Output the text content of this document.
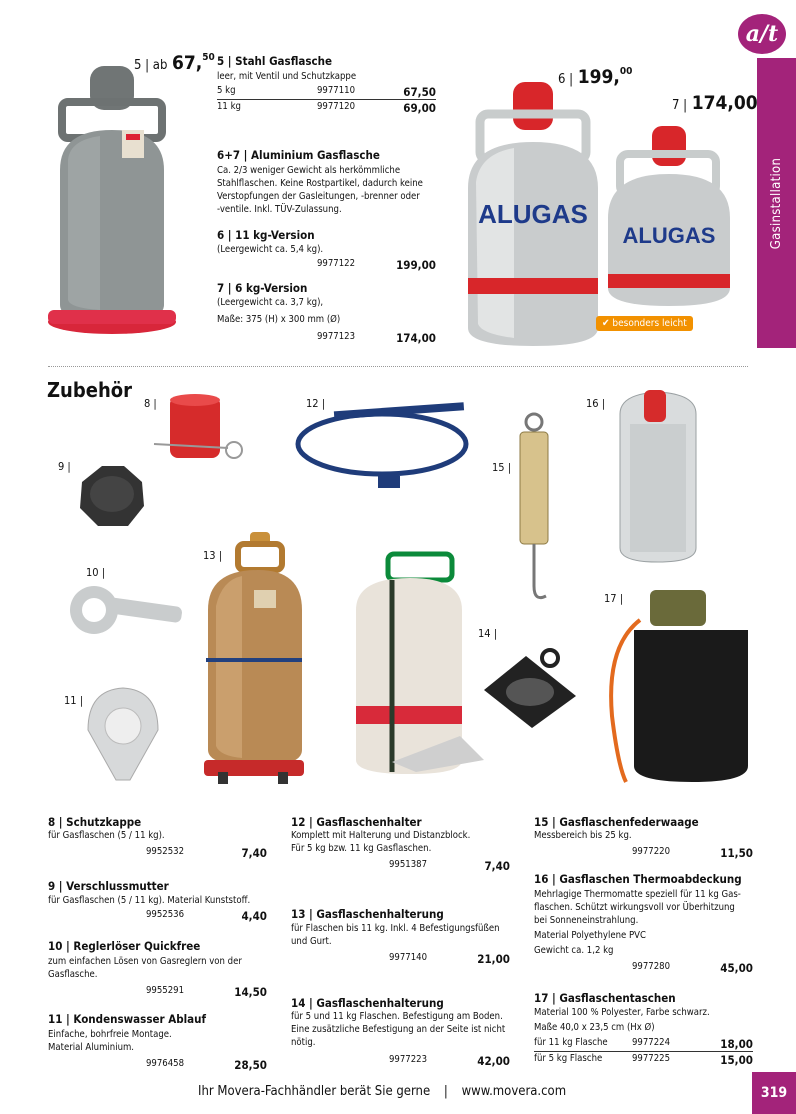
a/t
Gasinstallation
5 | ab 67,50 5 | Stahl Gasflasche
leer, mit Ventil und Schutzkappe
5 kg	9977110	67,50
11 kg	9977120	69,00
6+7 | Aluminium Gasflasche
Ca. 2/3 weniger Gewicht als herkömmliche
Stahlflaschen. Keine Rostpartikel, dadurch keine
Verstopfungen der Gasleitungen, -brenner oder
-ventile. Inkl. TÜV-Zulassung.
6 | 11 kg-Version
(Leergewicht ca. 5,4 kg).
9977122	199,00
7 | 6 kg-Version
(Leergewicht ca. 3,7 kg),
Maße: 375 (H) x 300 mm (Ø)
9977123	174,00
6 | 199,00
7 | 174,00
ALUGAS
ALUGAS
✔ besonders leicht
Zubehör
8 |
9 |
10 |
11 |
12 |
13 |
14 |
15 |
16 |
17 |
8 | Schutzkappe
für Gasflaschen (5 / 11 kg).
9952532	7,40
9 | Verschlussmutter
für Gasflaschen (5 / 11 kg). Material Kunststoff.
9952536	4,40
10 | Reglerlöser Quickfree
zum einfachen Lösen von Gasreglern von der
Gasflasche.
9955291	14,50
11 | Kondenswasser Ablauf
Einfache, bohrfreie Montage.
Material Aluminium.
9976458	28,50
12 | Gasflaschenhalter
Komplett mit Halterung und Distanzblock.
Für 5 kg bzw. 11 kg Gasflaschen.
9951387	7,40
13 | Gasflaschenhalterung
für Flaschen bis 11 kg. Inkl. 4 Befestigungsfüßen
und Gurt.
9977140	21,00
14 | Gasflaschenhalterung
für 5 und 11 kg Flaschen. Befestigung am Boden.
Eine zusätzliche Befestigung an der Seite ist nicht
nötig.
9977223	42,00
15 | Gasflaschenfederwaage
Messbereich bis 25 kg.
9977220	11,50
16 | Gasflaschen Thermoabdeckung
Mehrlagige Thermomatte speziell für 11 kg Gas-
flaschen. Schützt wirkungsvoll vor Überhitzung
bei Sonneneinstrahlung.
Material Polyethylene PVC
Gewicht ca. 1,2 kg
9977280	45,00
17 | Gasflaschentaschen
Material 100 % Polyester, Farbe schwarz.
Maße 40,0 x 23,5 cm (Hx Ø)
für 11 kg Flasche	9977224	18,00
für 5 kg Flasche	9977225	15,00
Ihr Movera-Fachhändler berät Sie gerne | www.movera.com	319
